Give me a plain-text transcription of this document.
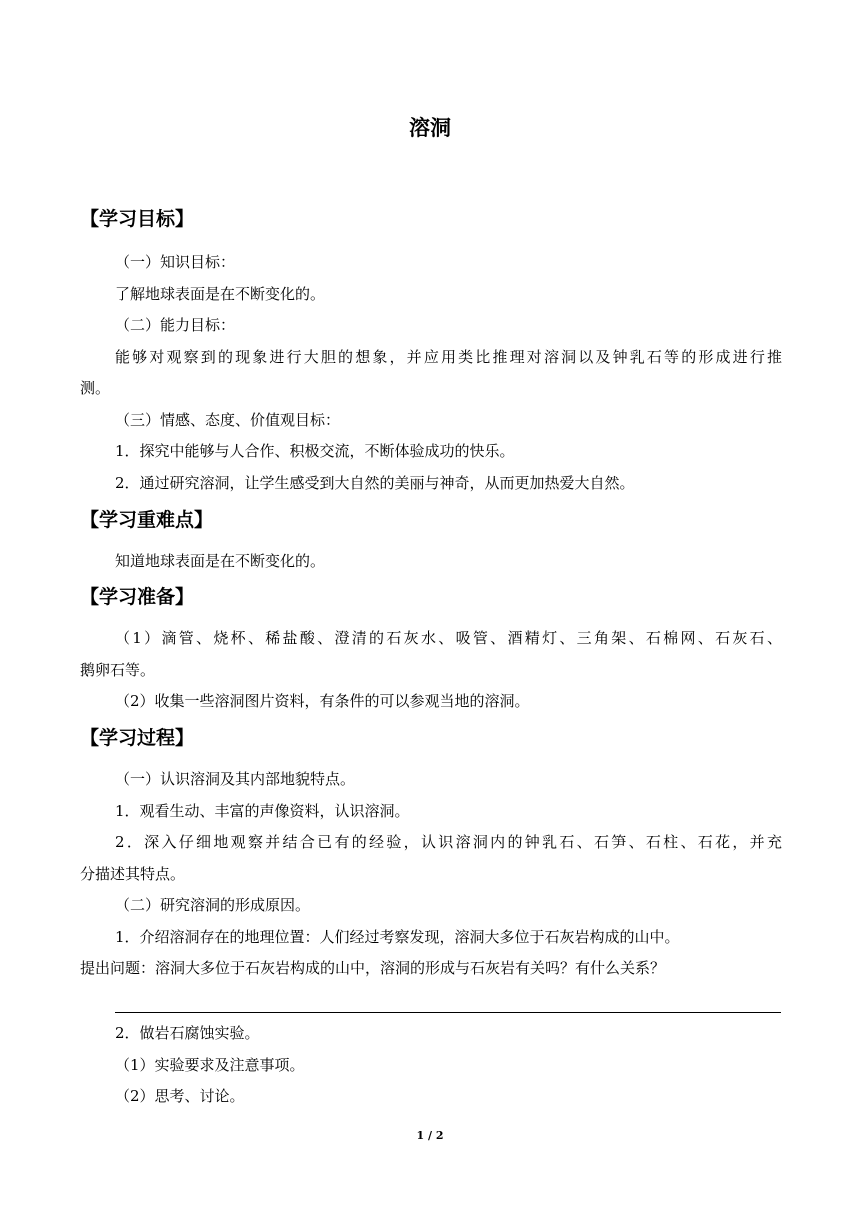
溶洞
【学习目标】
（一）知识目标：
了解地球表面是在不断变化的。
（二）能力目标：
能够对观察到的现象进行大胆的想象，并应用类比推理对溶洞以及钟乳石等的形成进行推
测。
（三）情感、态度、价值观目标：
1．探究中能够与人合作、积极交流，不断体验成功的快乐。
2．通过研究溶洞，让学生感受到大自然的美丽与神奇，从而更加热爱大自然。
【学习重难点】
知道地球表面是在不断变化的。
【学习准备】
（1）滴管、烧杯、稀盐酸、澄清的石灰水、吸管、酒精灯、三角架、石棉网、石灰石、
鹅卵石等。
（2）收集一些溶洞图片资料，有条件的可以参观当地的溶洞。
【学习过程】
（一）认识溶洞及其内部地貌特点。
1．观看生动、丰富的声像资料，认识溶洞。
2．深入仔细地观察并结合已有的经验，认识溶洞内的钟乳石、石笋、石柱、石花，并充
分描述其特点。
（二）研究溶洞的形成原因。
1．介绍溶洞存在的地理位置：人们经过考察发现，溶洞大多位于石灰岩构成的山中。
提出问题：溶洞大多位于石灰岩构成的山中，溶洞的形成与石灰岩有关吗？有什么关系？
2．做岩石腐蚀实验。
（1）实验要求及注意事项。
（2）思考、讨论。
1 / 2
